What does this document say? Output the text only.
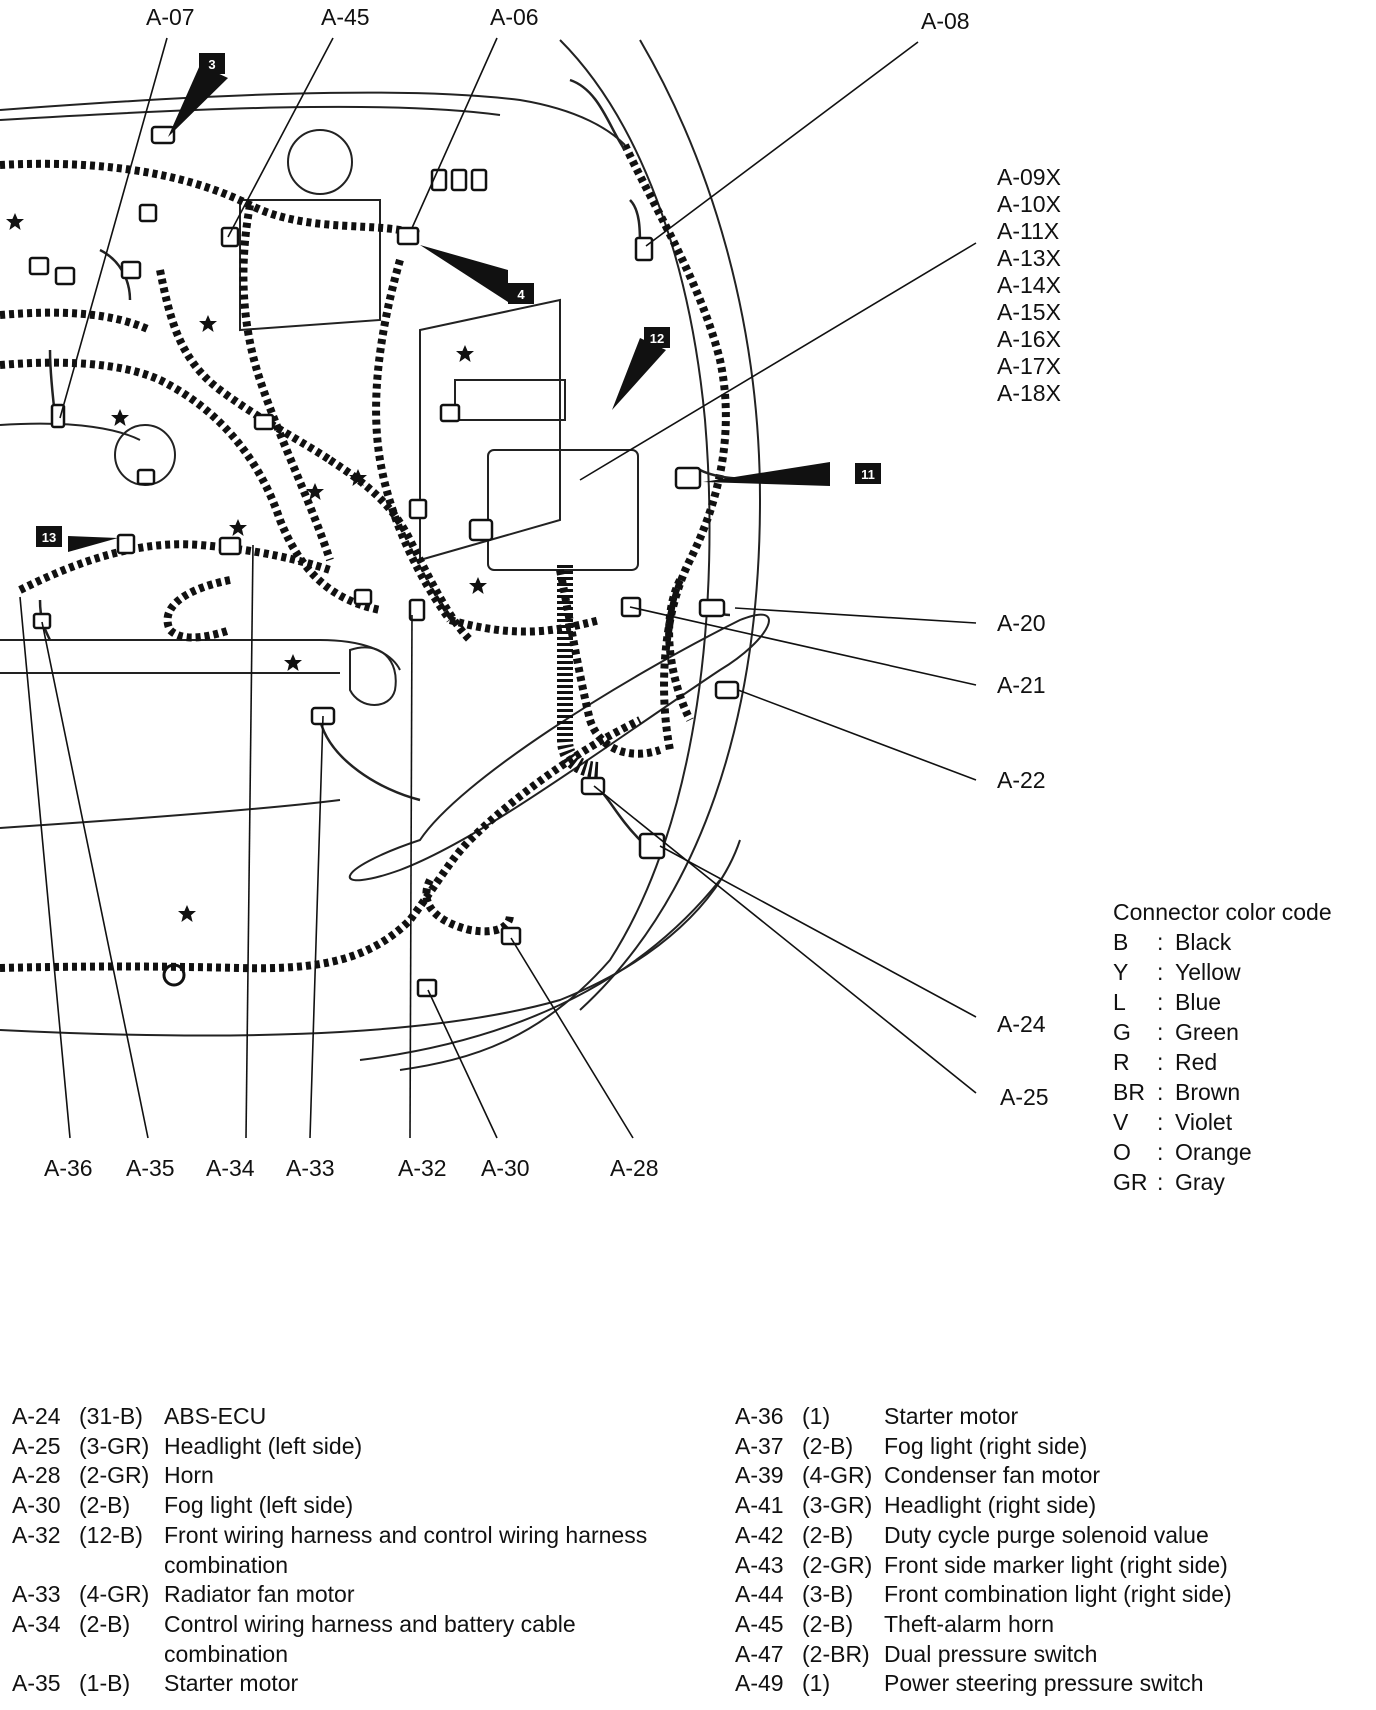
3
4
12
11
13
A-07	A-45	A-06	A-08
A-09X
A-10X
A-11X
A-13X
A-14X
A-15X
A-16X
A-17X
A-18X
A-20
A-21
A-22
A-24
A-25
A-36 A-35 A-34 A-33	A-32 A-30	A-28
Connector color code
B	: Black
Y	: Yellow
L	: Blue
G	: Green
R	: Red
BR : Brown
V	: Violet
O	: Orange
GR : Gray
A-24 (31-B) ABS-ECU
A-25 (3-GR) Headlight (left side)
A-28 (2-GR) Horn
A-30 (2-B)	Fog light (left side)
A-32 (12-B) Front wiring harness and control wiring harness combination
A-33 (4-GR) Radiator fan motor
A-34 (2-B)	Control wiring harness and battery cable combination
A-35 (1-B)	Starter motor
A-36 (1)	Starter motor
A-37 (2-B)	Fog light (right side)
A-39 (4-GR) Condenser fan motor
A-41 (3-GR) Headlight (right side)
A-42 (2-B)	Duty cycle purge solenoid value
A-43 (2-GR) Front side marker light (right side)
A-44 (3-B)	Front combination light (right side)
A-45 (2-B)	Theft-alarm horn
A-47 (2-BR) Dual pressure switch
A-49 (1)	Power steering pressure switch
